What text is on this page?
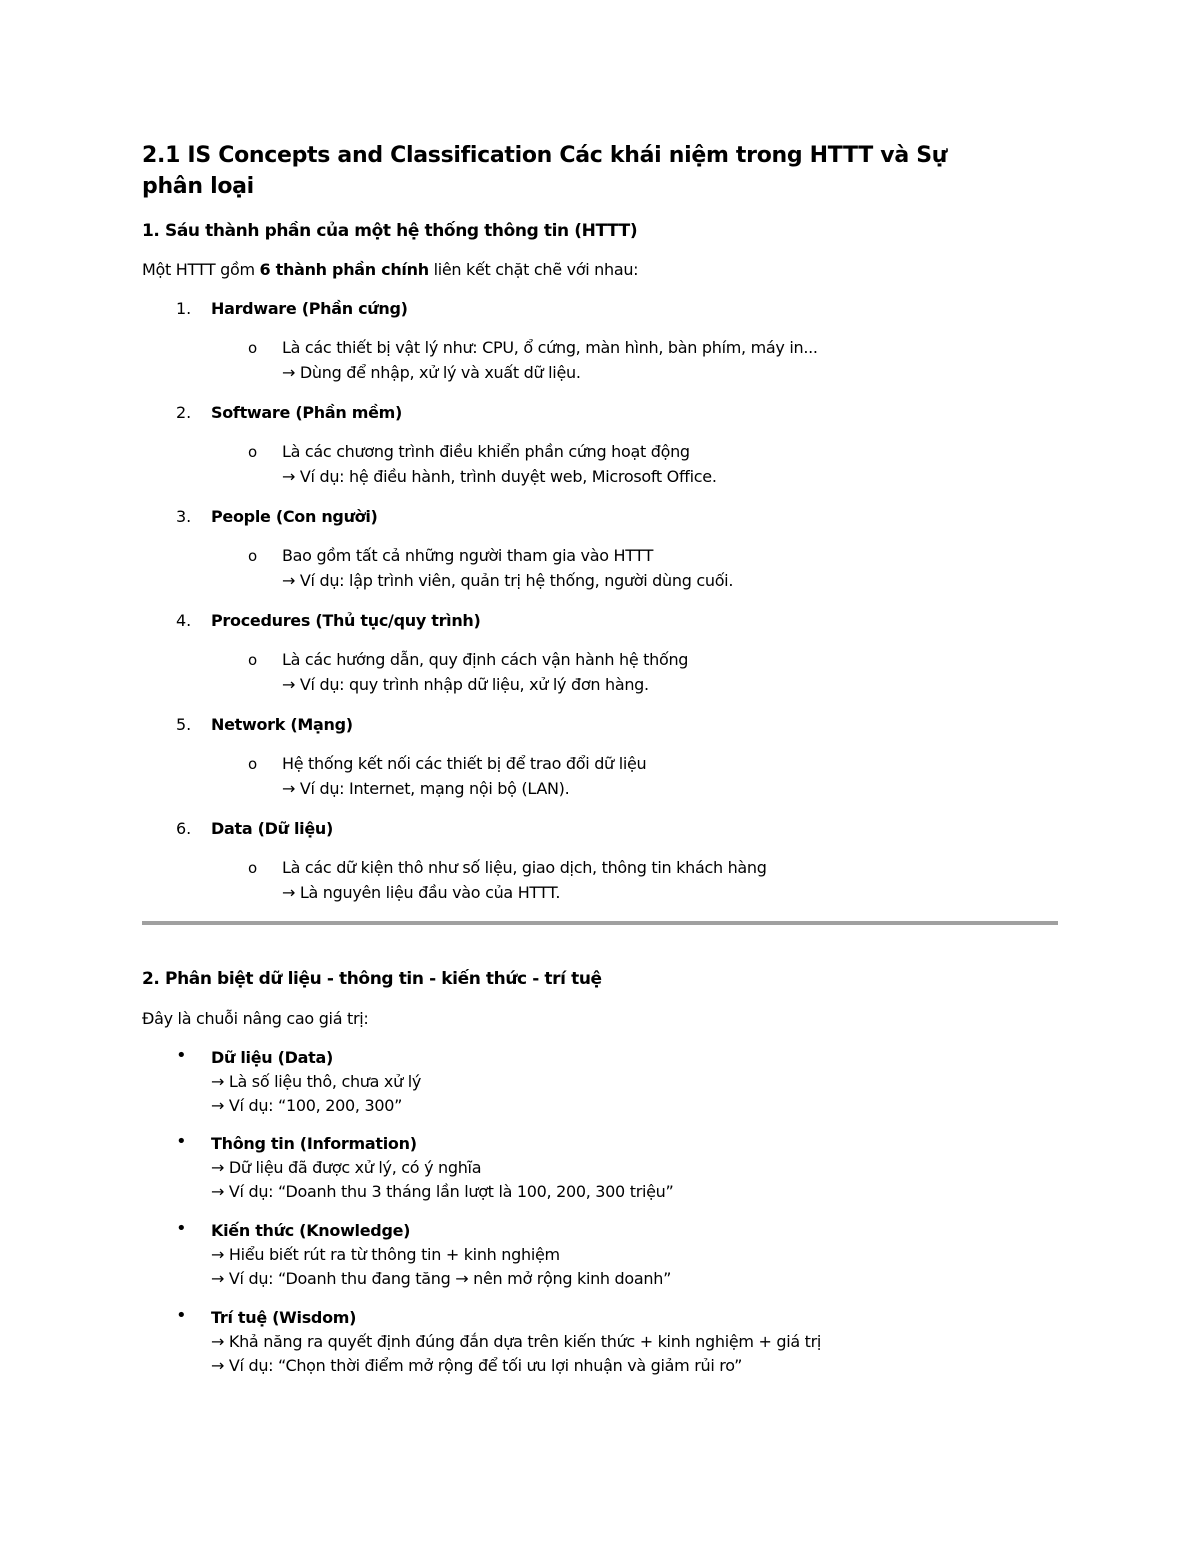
2.1 IS Concepts and Classification Các khái niệm trong HTTT và Sự
phân loại
1. Sáu thành phần của một hệ thống thông tin (HTTT)
Một HTTT gồm 6 thành phần chính liên kết chặt chẽ với nhau:
1. Hardware (Phần cứng)
o Là các thiết bị vật lý như: CPU, ổ cứng, màn hình, bàn phím, máy in...
→ Dùng để nhập, xử lý và xuất dữ liệu.
2. Software (Phần mềm)
o Là các chương trình điều khiển phần cứng hoạt động
→ Ví dụ: hệ điều hành, trình duyệt web, Microsoft Office.
3. People (Con người)
o Bao gồm tất cả những người tham gia vào HTTT
→ Ví dụ: lập trình viên, quản trị hệ thống, người dùng cuối.
4. Procedures (Thủ tục/quy trình)
o Là các hướng dẫn, quy định cách vận hành hệ thống
→ Ví dụ: quy trình nhập dữ liệu, xử lý đơn hàng.
5. Network (Mạng)
o Hệ thống kết nối các thiết bị để trao đổi dữ liệu
→ Ví dụ: Internet, mạng nội bộ (LAN).
6. Data (Dữ liệu)
o Là các dữ kiện thô như số liệu, giao dịch, thông tin khách hàng
→ Là nguyên liệu đầu vào của HTTT.
2. Phân biệt dữ liệu - thông tin - kiến thức - trí tuệ
Đây là chuỗi nâng cao giá trị:
• Dữ liệu (Data)
→ Là số liệu thô, chưa xử lý
→ Ví dụ: “100, 200, 300”
• Thông tin (Information)
→ Dữ liệu đã được xử lý, có ý nghĩa
→ Ví dụ: “Doanh thu 3 tháng lần lượt là 100, 200, 300 triệu”
• Kiến thức (Knowledge)
→ Hiểu biết rút ra từ thông tin + kinh nghiệm
→ Ví dụ: “Doanh thu đang tăng → nên mở rộng kinh doanh”
• Trí tuệ (Wisdom)
→ Khả năng ra quyết định đúng đắn dựa trên kiến thức + kinh nghiệm + giá trị
→ Ví dụ: “Chọn thời điểm mở rộng để tối ưu lợi nhuận và giảm rủi ro”
